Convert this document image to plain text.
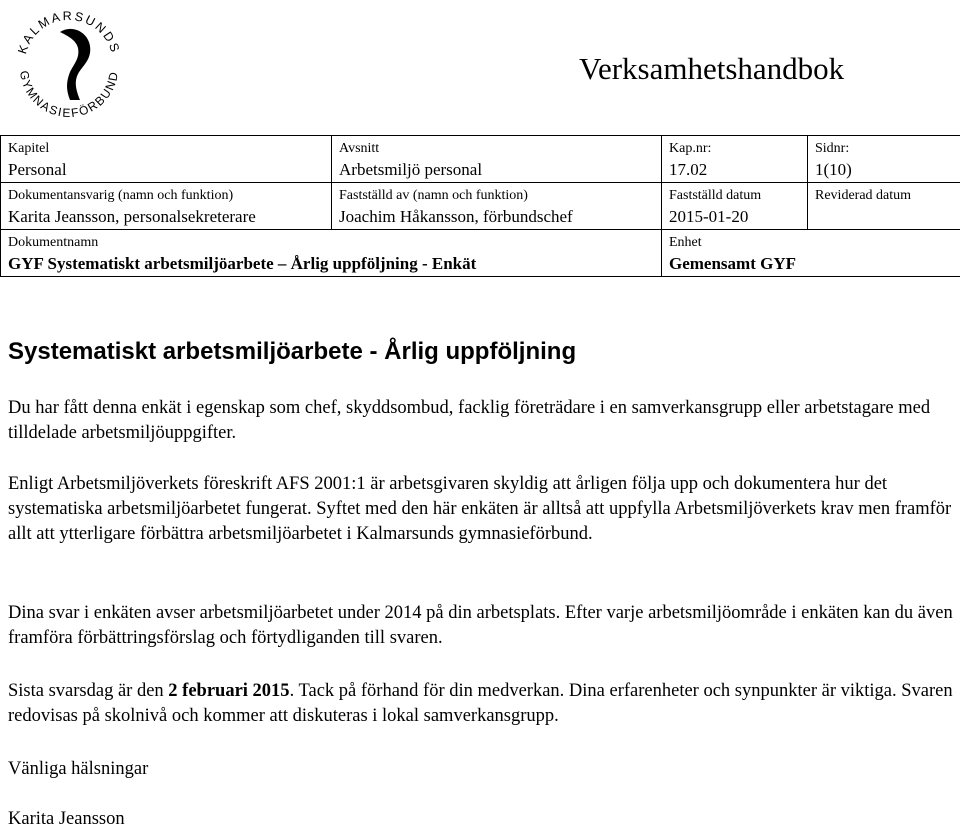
KALMARSUNDS
GYMNASIEFÖRBUND	Verksamhetshandbok
Kapitel	Avsnitt	Kap.nr:	Sidnr:
Personal	Arbetsmiljö personal	17.02	1(10)
Dokumentansvarig (namn och funktion)	Fastställd av (namn och funktion)	Fastställd datum	Reviderad datum
Karita Jeansson, personalsekreterare	Joachim Håkansson, förbundschef	2015-01-20	
Dokumentnamn		Enhet	
GYF Systematiskt arbetsmiljöarbete – Årlig uppföljning - Enkät		Gemensamt GYF	
Systematiskt arbetsmiljöarbete - Årlig uppföljning

Du har fått denna enkät i egenskap som chef, skyddsombud, facklig företrädare i en samverkansgrupp eller arbetstagare med tilldelade arbetsmiljöuppgifter.

Enligt Arbetsmiljöverkets föreskrift AFS 2001:1 är arbetsgivaren skyldig att årligen följa upp och dokumentera hur det systematiska arbetsmiljöarbetet fungerat. Syftet med den här enkäten är alltså att uppfylla Arbetsmiljöverkets krav men framför allt att ytterligare förbättra arbetsmiljöarbetet i Kalmarsunds gymnasieförbund.

Dina svar i enkäten avser arbetsmiljöarbetet under 2014 på din arbetsplats. Efter varje arbetsmiljöområde i enkäten kan du även framföra förbättringsförslag och förtydliganden till svaren.

Sista svarsdag är den 2 februari 2015. Tack på förhand för din medverkan. Dina erfarenheter och synpunkter är viktiga. Svaren redovisas på skolnivå och kommer att diskuteras i lokal samverkansgrupp.

Vänliga hälsningar

Karita Jeansson
